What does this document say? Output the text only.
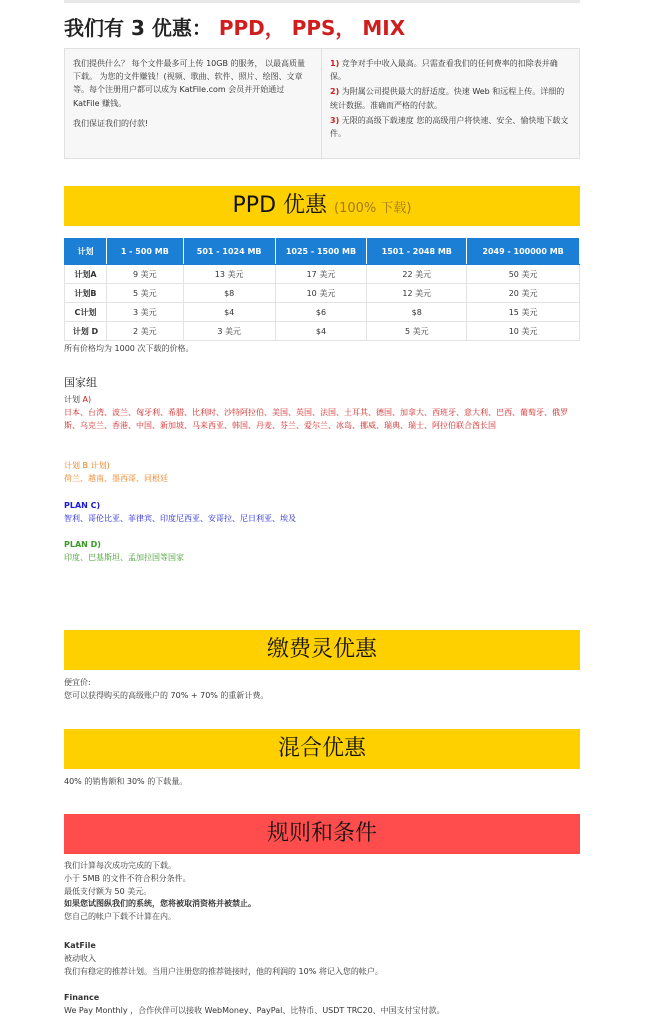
我们有 3 优惠： PPD， PPS， MIX

我们提供什么？ 每个文件最多可上传 10GB 的服务， 以最高质量下载。 为您的文件赚钱！(视频、歌曲、软件、照片、绘图、文章等。每个注册用户都可以成为 KatFile.com 会员并开始通过 KatFile 赚钱。

我们保证我们的付款!

1) 竞争对手中收入最高。只需查看我们的任何费率的扣除表并确保。

2) 为附属公司提供最大的舒适度。快速 Web 和远程上传。详细的统计数据。准确而严格的付款。

3) 无限的高级下载速度 您的高级用户将快速、安全、愉快地下载文件。

PPD 优惠 (100% 下载)
计划	1 - 500 MB	501 - 1024 MB	1025 - 1500 MB	1501 - 2048 MB	2049 - 100000 MB
计划A	9 美元	13 美元	17 美元	22 美元	50 美元
计划B	5 美元	$8	10 美元	12 美元	20 美元
C计划	3 美元	$4	$6	$8	15 美元
计划 D	2 美元	3 美元	$4	5 美元	10 美元
所有价格均为 1000 次下载的价格。
国家组
计划 A)
日本、台湾、波兰、匈牙利、希腊、比利时、沙特阿拉伯、美国、英国、法国、土耳其、德国、加拿大、西班牙、意大利、巴西、葡萄牙、俄罗斯、乌克兰、香港、中国、新加坡、马来西亚、韩国、丹麦、芬兰、爱尔兰、冰岛、挪威、瑞典、瑞士、阿拉伯联合酋长国
计划 B 计划)
荷兰、越南、墨西哥、同根廷
PLAN C)
智利、哥伦比亚、菲律宾、印度尼西亚、安哥拉、尼日利亚、埃及
PLAN D)
印度、巴基斯坦、孟加拉国等国家
缴费灵优惠
便宜价:
您可以获得购买的高级账户的 70% + 70% 的重新计费。
混合优惠
40% 的销售额和 30% 的下载量。
规则和条件
我们计算每次成功完成的下载。
小于 5MB 的文件不符合积分条件。
最低支付额为 50 美元。
如果您试图纵我们的系统，您将被取消资格并被禁止。
您自己的帐户下载不计算在内。
KatFile
被动收入
我们有稳定的推荐计划。当用户注册您的推荐链接时，他的利润的 10% 将记入您的帐户。
Finance
We Pay Monthly ，合作伙伴可以接收 WebMoney、PayPal、比特币、USDT TRC20、中国支付宝付款。
